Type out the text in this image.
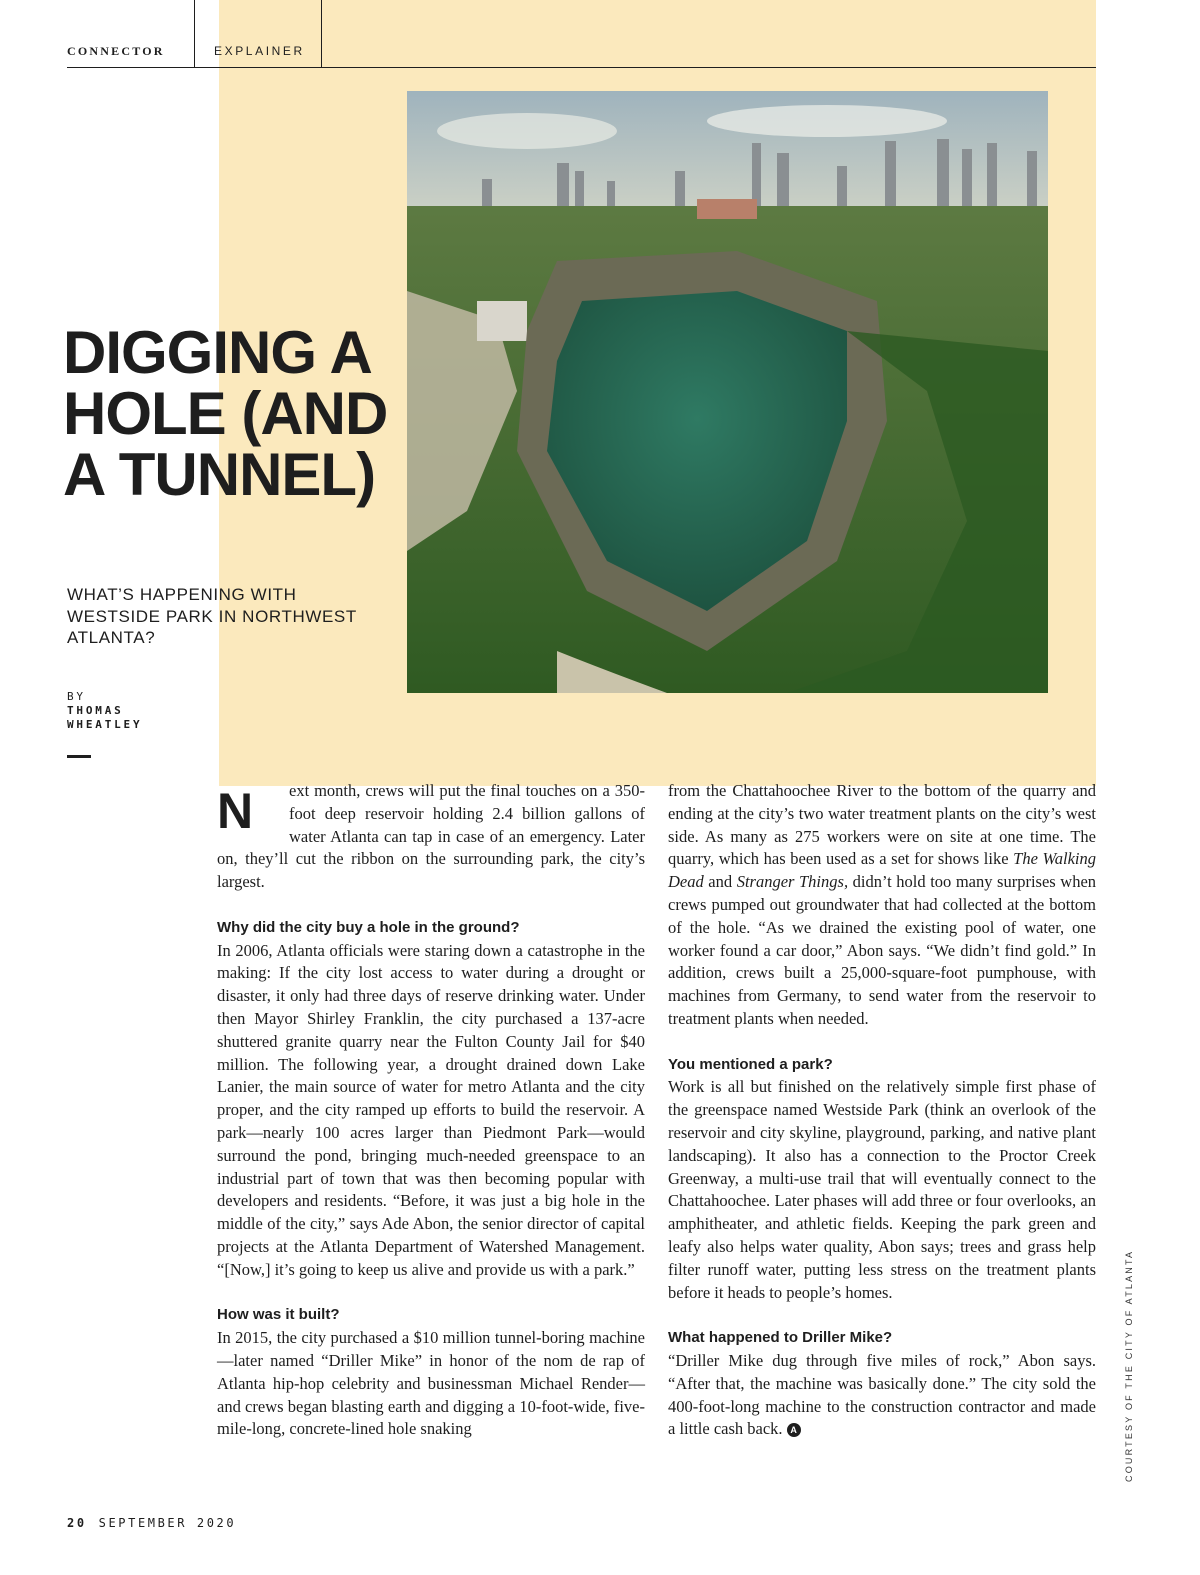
CONNECTOR	EXPLAINER
DIGGING A HOLE (AND A TUNNEL)

WHAT’S HAPPENING WITH WESTSIDE PARK IN NORTHWEST ATLANTA?

BY
THOMAS
WHEATLEY

N	ext month, crews will put the final touches on a 350-foot deep reservoir holding 2.4 billion gallons of water Atlanta can tap in case of an emergency. Later on, they’ll cut the ribbon on the surrounding park, the city’s largest.

Why did the city buy a hole in the ground?

In 2006, Atlanta officials were staring down a catastrophe in the making: If the city lost access to water during a drought or disaster, it only had three days of reserve drinking water. Under then Mayor Shirley Franklin, the city purchased a 137-acre shuttered granite quarry near the Fulton County Jail for $40 million. The following year, a drought drained down Lake Lanier, the main source of water for metro Atlanta and the city proper, and the city ramped up efforts to build the reservoir. A park—nearly 100 acres larger than Piedmont Park—would surround the pond, bringing much-needed greenspace to an industrial part of town that was then becoming popular with developers and residents. “Before, it was just a big hole in the middle of the city,” says Ade Abon, the senior director of capital projects at the Atlanta Department of Watershed Management. “[Now,] it’s going to keep us alive and provide us with a park.”

How was it built?

In 2015, the city purchased a $10 million tunnel-boring machine—later named “Driller Mike” in honor of the nom de rap of Atlanta hip-hop celebrity and businessman Michael Render—and crews began blasting earth and digging a 10-foot-wide, five-mile-long, concrete-lined hole snaking

from the Chattahoochee River to the bottom of the quarry and ending at the city’s two water treatment plants on the city’s west side. As many as 275 workers were on site at one time. The quarry, which has been used as a set for shows like The Walking Dead and Stranger Things, didn’t hold too many surprises when crews pumped out groundwater that had collected at the bottom of the hole. “As we drained the existing pool of water, one worker found a car door,” Abon says. “We didn’t find gold.” In addition, crews built a 25,000-square-foot pumphouse, with machines from Germany, to send water from the reservoir to treatment plants when needed.

You mentioned a park?

Work is all but finished on the relatively simple first phase of the greenspace named Westside Park (think an overlook of the reservoir and city skyline, playground, parking, and native plant landscaping). It also has a connection to the Proctor Creek Greenway, a multi-use trail that will eventually connect to the Chattahoochee. Later phases will add three or four overlooks, an amphitheater, and athletic fields. Keeping the park green and leafy also helps water quality, Abon says; trees and grass help filter runoff water, putting less stress on the treatment plants before it heads to people’s homes.

What happened to Driller Mike?

“Driller Mike dug through five miles of rock,” Abon says. “After that, the machine was basically done.” The city sold the 400-foot-long machine to the construction contractor and made a little cash back. A	COURTESY OF THE CITY OF ATLANTA
20 SEPTEMBER 2020
